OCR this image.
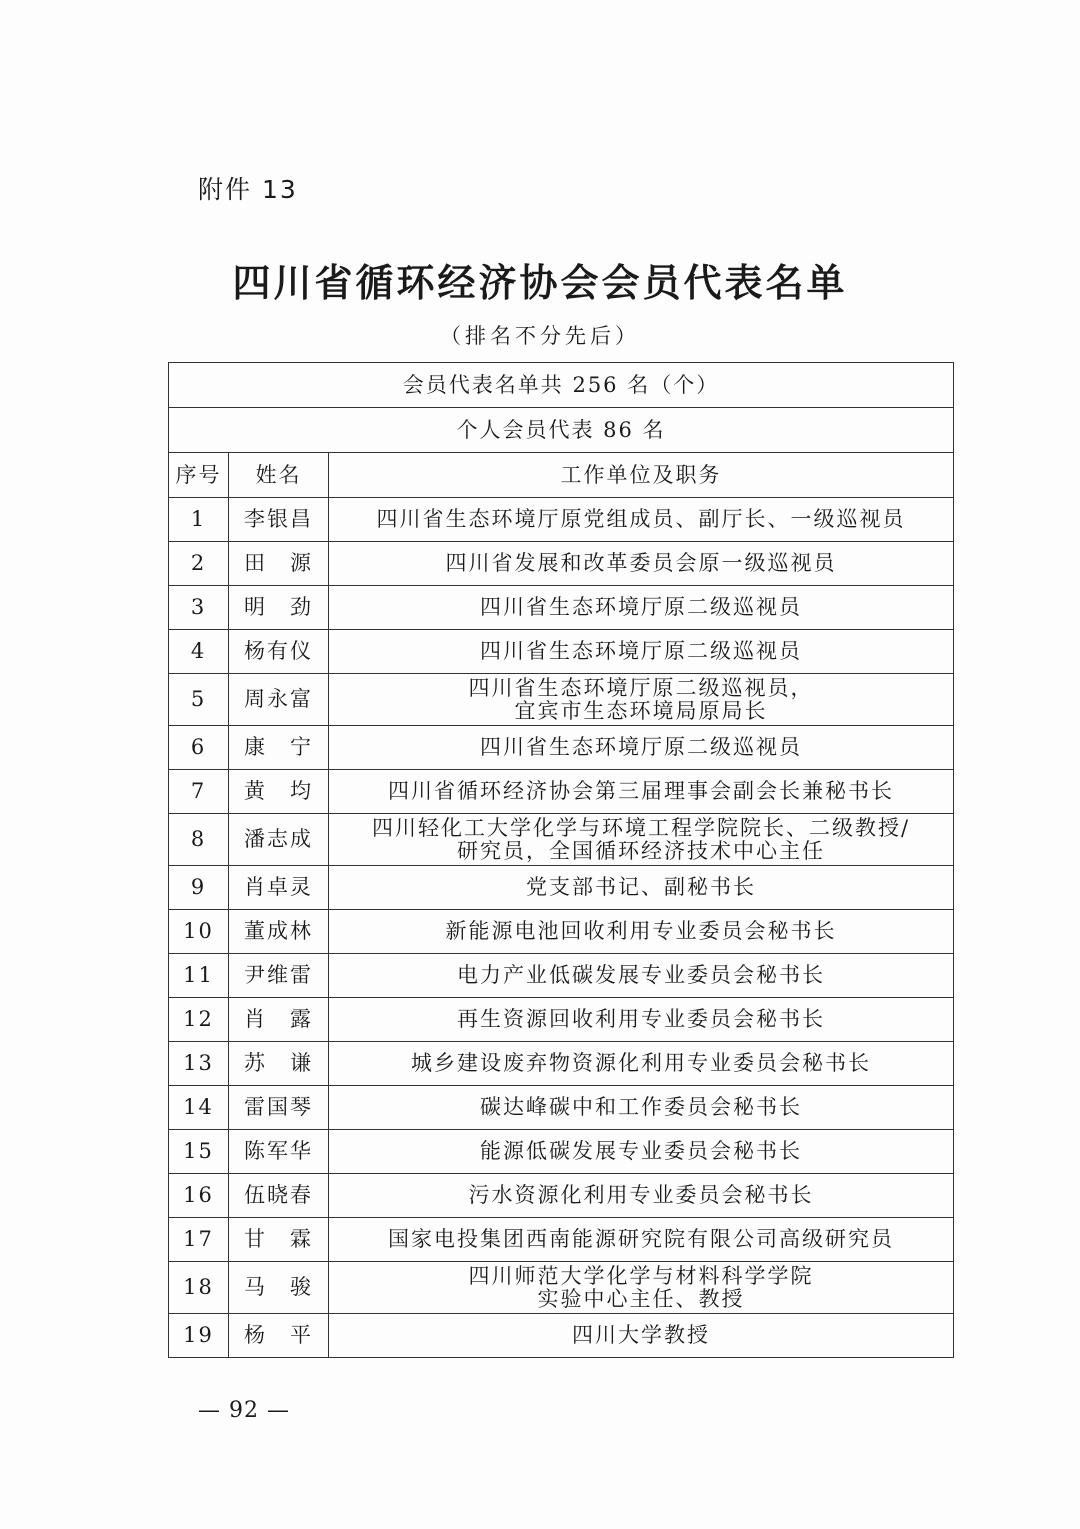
附件 13
四川省循环经济协会会员代表名单
（排名不分先后）
会员代表名单共 256 名（个）		
个人会员代表 86 名		
序号	姓名	工作单位及职务
1	李银昌	四川省生态环境厅原党组成员、副厅长、一级巡视员
2	田　源	四川省发展和改革委员会原一级巡视员
3	明　劲	四川省生态环境厅原二级巡视员
4	杨有仪	四川省生态环境厅原二级巡视员
5	周永富	四川省生态环境厅原二级巡视员，
宜宾市生态环境局原局长
6	康　宁	四川省生态环境厅原二级巡视员
7	黄　均	四川省循环经济协会第三届理事会副会长兼秘书长
8	潘志成	四川轻化工大学化学与环境工程学院院长、二级教授/
研究员，全国循环经济技术中心主任
9	肖卓灵	党支部书记、副秘书长
10	董成林	新能源电池回收利用专业委员会秘书长
11	尹维雷	电力产业低碳发展专业委员会秘书长
12	肖　露	再生资源回收利用专业委员会秘书长
13	苏　谦	城乡建设废弃物资源化利用专业委员会秘书长
14	雷国琴	碳达峰碳中和工作委员会秘书长
15	陈军华	能源低碳发展专业委员会秘书长
16	伍晓春	污水资源化利用专业委员会秘书长
17	甘　霖	国家电投集团西南能源研究院有限公司高级研究员
18	马　骏	四川师范大学化学与材料科学学院
实验中心主任、教授
19	杨　平	四川大学教授
— 92 —
